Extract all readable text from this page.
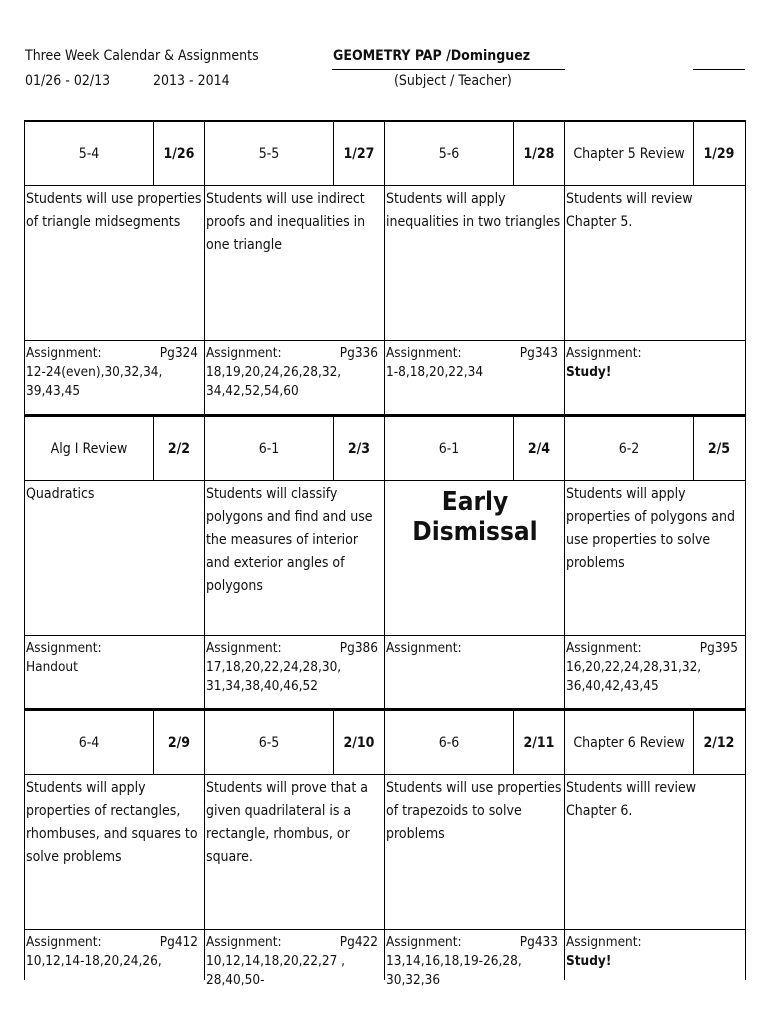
Three Week Calendar & Assignments
01/26 - 02/13	2013 - 2014
GEOMETRY PAP /Dominguez
(Subject / Teacher)
5-4	1/26
Students will use properties of triangle midsegments
Assignment:	Pg324
12-24(even),30,32,34, 39,43,45
5-5	1/27
Students will use indirect proofs and inequalities in one triangle
Assignment:	Pg336
18,19,20,24,26,28,32, 34,42,52,54,60
5-6	1/28
Students will apply inequalities in two triangles
Assignment:	Pg343
1-8,18,20,22,34
Chapter 5 Review	1/29
Students will review Chapter 5.
Assignment:
Study!
Alg I Review	2/2
Quadratics
Assignment:
Handout
6-1	2/3
Students will classify polygons and find and use the measures of interior and exterior angles of polygons
Assignment:	Pg386
17,18,20,22,24,28,30, 31,34,38,40,46,52
6-1	2/4
Early Dismissal
Assignment:
6-2	2/5
Students will apply properties of polygons and use properties to solve problems
Assignment:	Pg395
16,20,22,24,28,31,32, 36,40,42,43,45
6-4	2/9
Students will apply properties of rectangles, rhombuses, and squares to solve problems
Assignment:	Pg412
10,12,14-18,20,24,26,
6-5	2/10
Students will prove that a given quadrilateral is a rectangle, rhombus, or square.
Assignment:	Pg422
10,12,14,18,20,22,27 , 28,40,50-
6-6	2/11
Students will use properties of trapezoids to solve problems
Assignment:	Pg433
13,14,16,18,19-26,28, 30,32,36
Chapter 6 Review	2/12
Students willl review Chapter 6.
Assignment:
Study!
